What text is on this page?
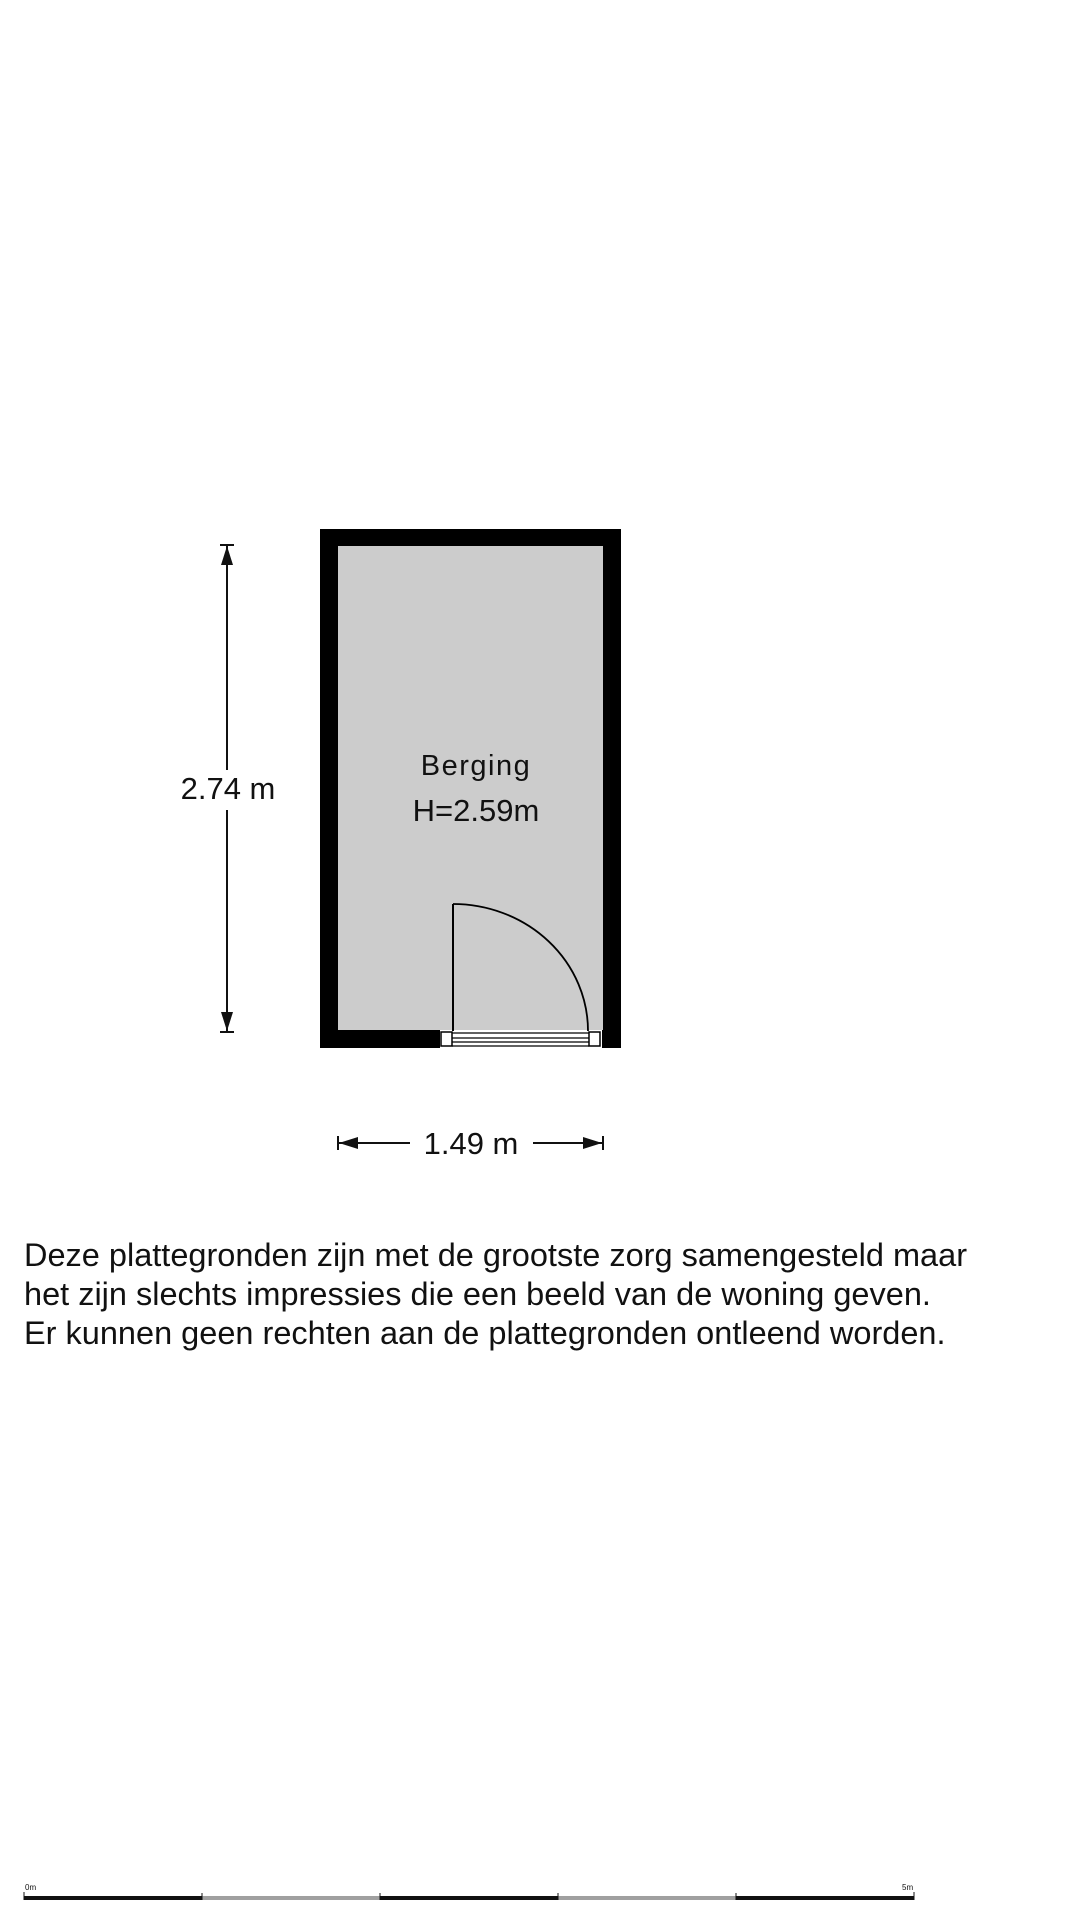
Berging
H=2.59m
2.74 m
1.49 m
0m	5m
Deze plattegronden zijn met de grootste zorg samengesteld maar
het zijn slechts impressies die een beeld van de woning geven.
Er kunnen geen rechten aan de plattegronden ontleend worden.
